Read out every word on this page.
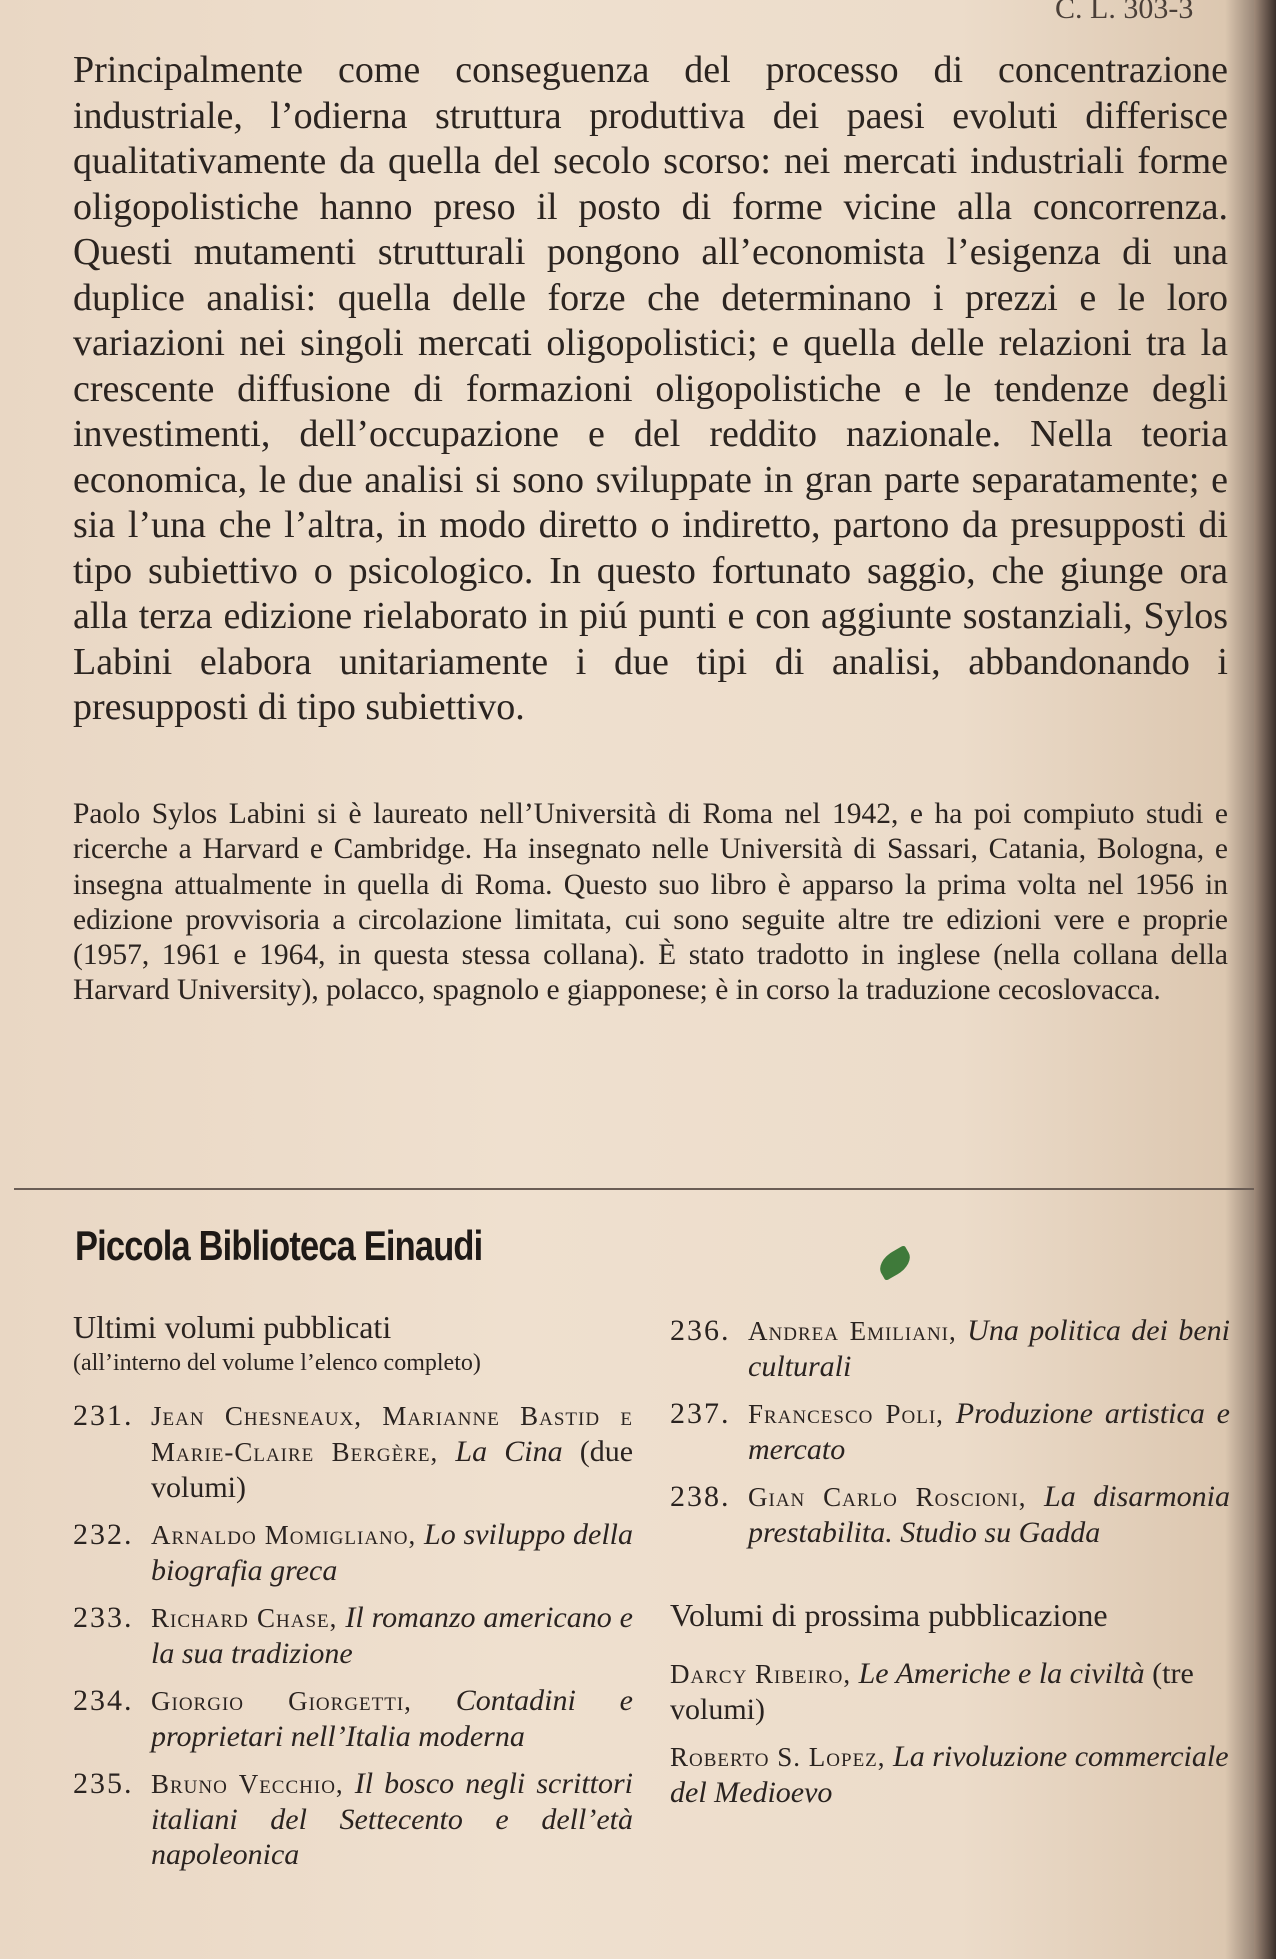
C. L. 303-3

Principalmente come conseguenza del processo di concentrazione industriale, l’odierna struttura produttiva dei paesi evoluti differisce qualitativamente da quella del secolo scorso: nei mercati industriali forme oligopolistiche hanno preso il posto di forme vicine alla concorrenza. Questi mutamenti strutturali pongono all’economista l’esigenza di una duplice analisi: quella delle forze che determinano i prezzi e le loro variazioni nei singoli mercati oligopolistici; e quella delle relazioni tra la crescente diffusione di formazioni oligopolistiche e le tendenze degli investimenti, dell’occupazione e del reddito nazionale. Nella teoria economica, le due analisi si sono sviluppate in gran parte separatamente; e sia l’una che l’altra, in modo diretto o indiretto, partono da presupposti di tipo subiettivo o psicologico. In questo fortunato saggio, che giunge ora alla terza edizione rielaborato in piú punti e con aggiunte sostanziali, Sylos Labini elabora unitariamente i due tipi di analisi, abbandonando i presupposti di tipo subiettivo.

Paolo Sylos Labini si è laureato nell’Università di Roma nel 1942, e ha poi compiuto studi e ricerche a Harvard e Cambridge. Ha insegnato nelle Università di Sassari, Catania, Bologna, e insegna attualmente in quella di Roma. Questo suo libro è apparso la prima volta nel 1956 in edizione provvisoria a circolazione limitata, cui sono seguite altre tre edizioni vere e proprie (1957, 1961 e 1964, in questa stessa collana). È stato tradotto in inglese (nella collana della Harvard University), polacco, spagnolo e giapponese; è in corso la traduzione cecoslovacca.

Piccola Biblioteca Einaudi

Ultimi volumi pubblicati

(all’interno del volume l’elenco completo)

231. Jean Chesneaux, Marianne Bastid e Marie-Claire Bergère, La Cina (due volumi)
232. Arnaldo Momigliano, Lo sviluppo della biografia greca
233. Richard Chase, Il romanzo americano e la sua tradizione
234. Giorgio Giorgetti, Contadini e proprietari nell’Italia moderna
235. Bruno Vecchio, Il bosco negli scrittori italiani del Settecento e dell’età napoleonica
236. Andrea Emiliani, Una politica dei beni culturali
237. Francesco Poli, Produzione artistica e mercato
238. Gian Carlo Roscioni, La disarmonia prestabilita. Studio su Gadda

Volumi di prossima pubblicazione

Darcy Ribeiro, Le Americhe e la civiltà (tre volumi)
Roberto S. Lopez, La rivoluzione commerciale del Medioevo
